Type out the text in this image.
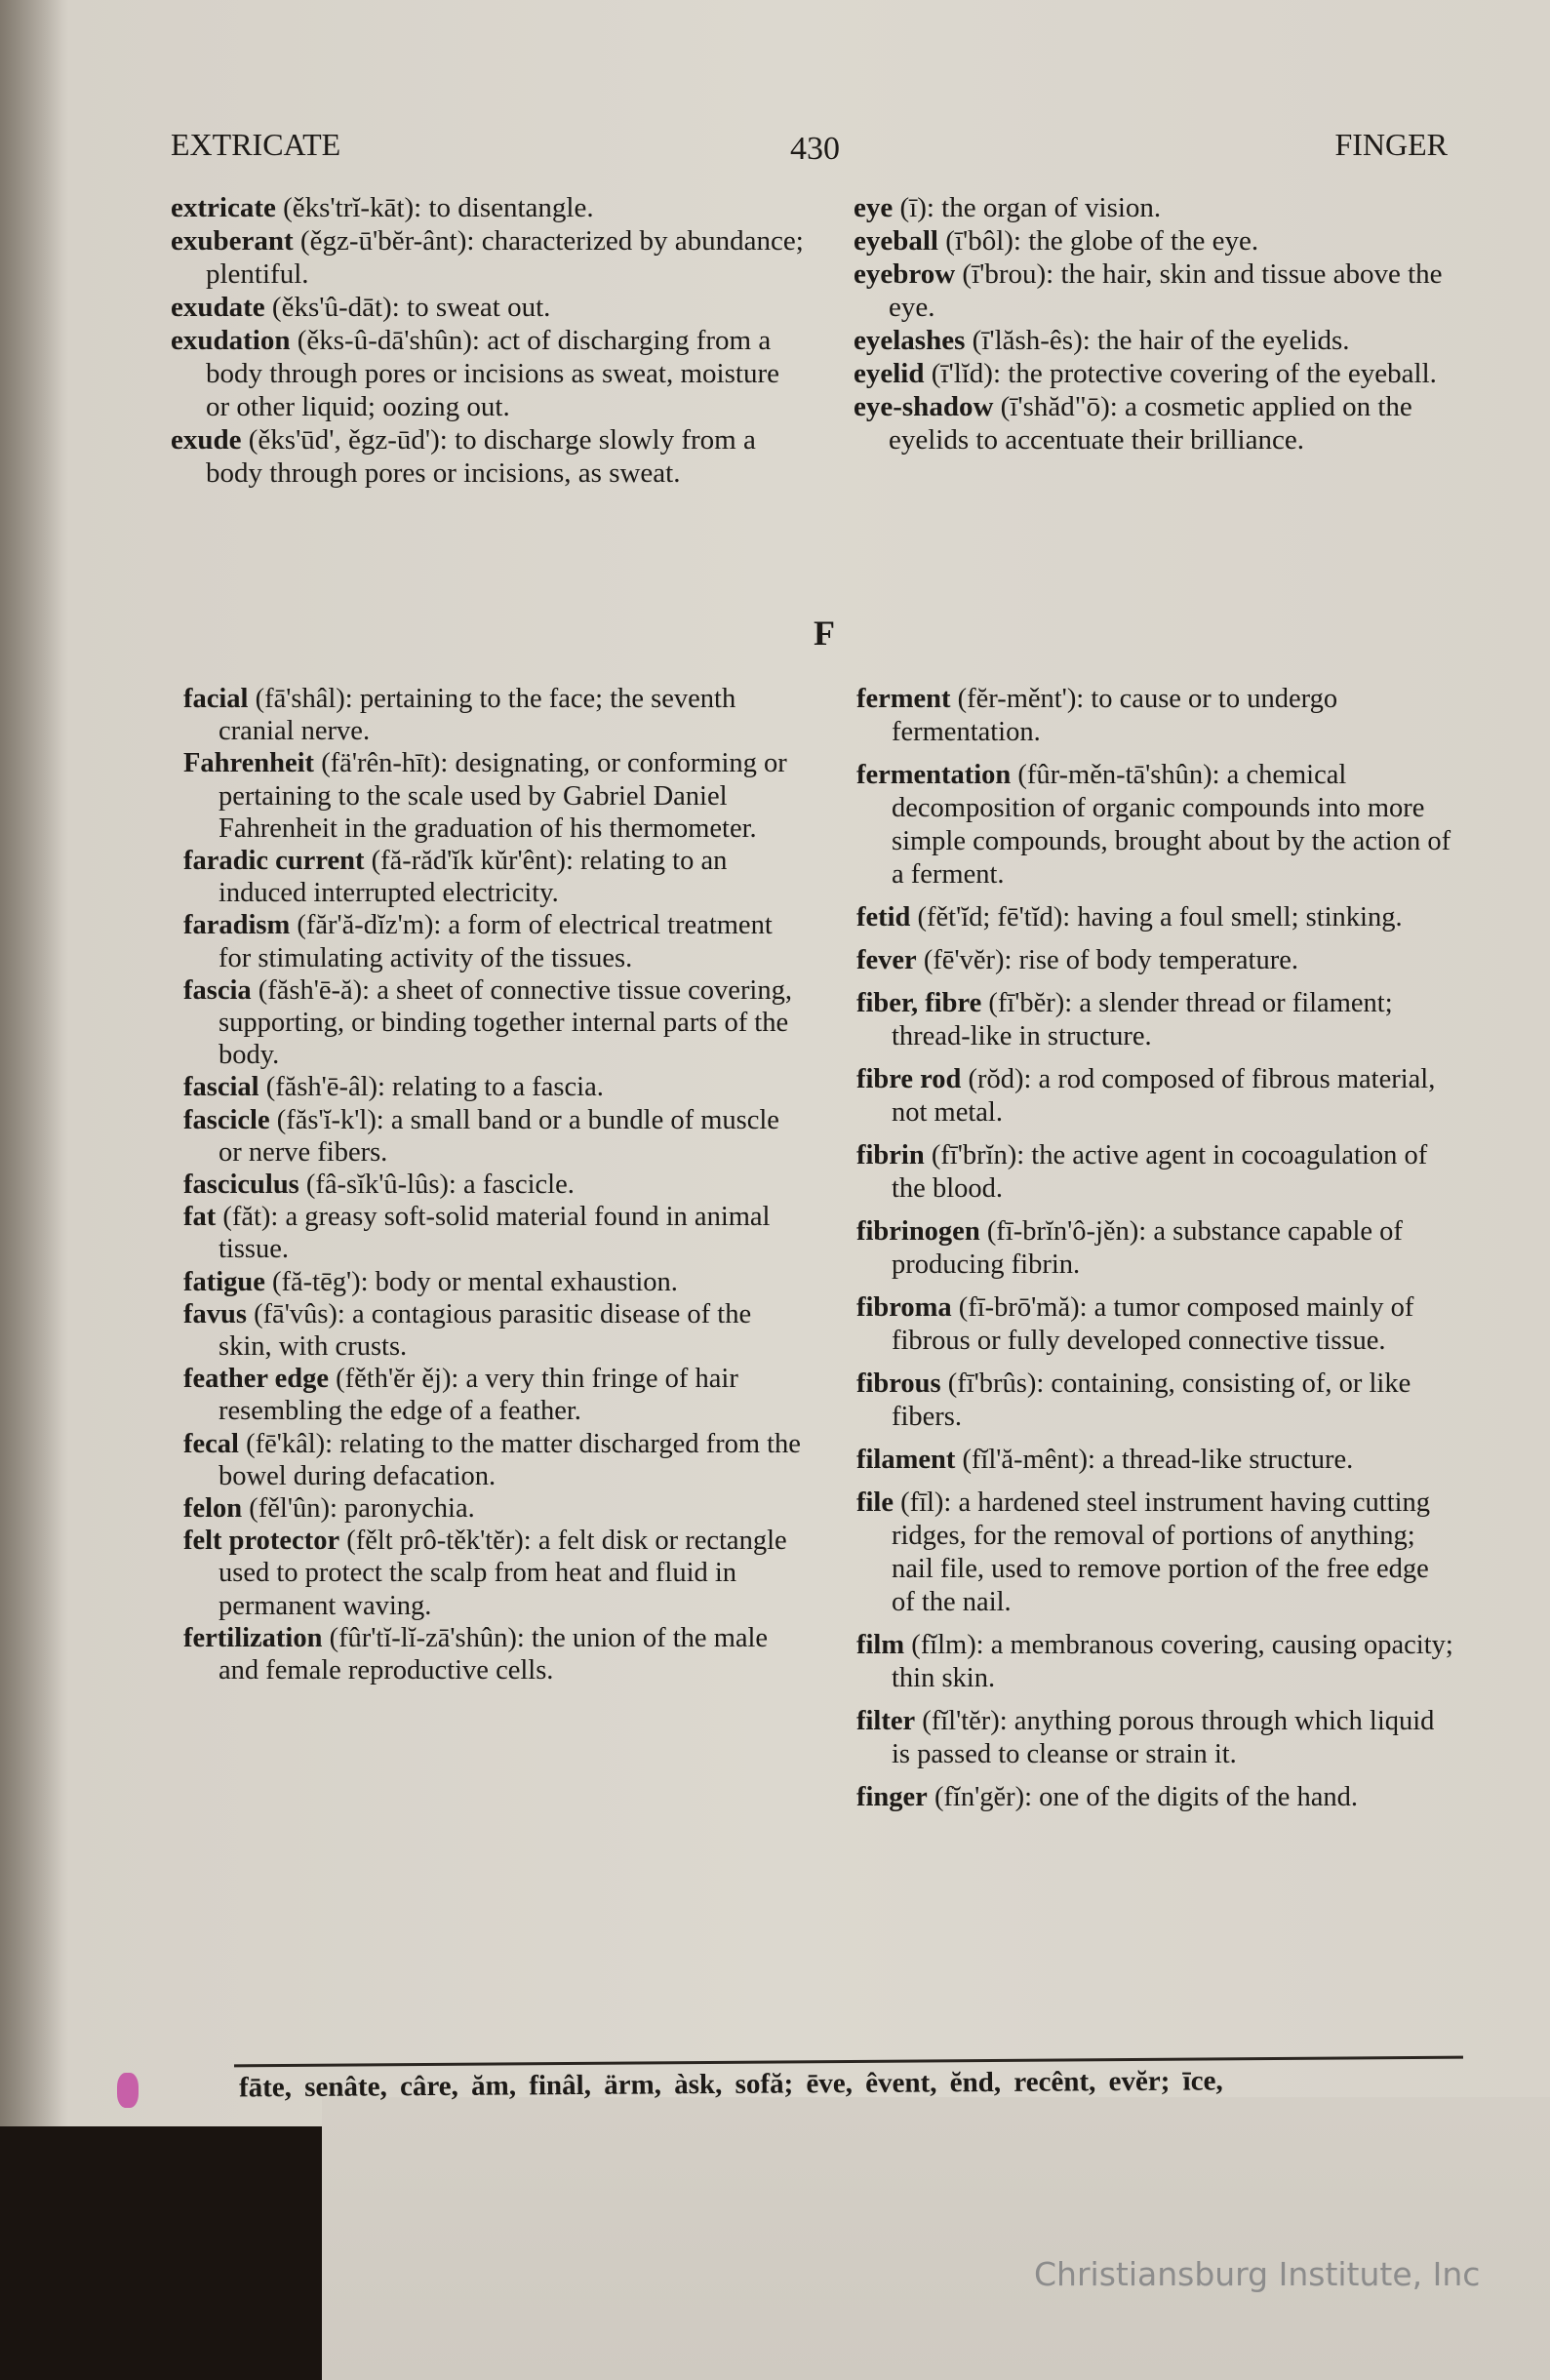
EXTRICATE	430	FINGER
extricate (ěks'trĭ-kāt): to disentangle.
exuberant (ěgz-ū'bĕr-ânt): characterized by abundance; plentiful.
exudate (ěks'û-dāt): to sweat out.
exudation (ěks-û-dā'shûn): act of discharging from a body through pores or incisions as sweat, moisture or other liquid; oozing out.
exude (ěks'ūd', ěgz-ūd'): to discharge slowly from a body through pores or incisions, as sweat.
eye (ī): the organ of vision.
eyeball (ī'bôl): the globe of the eye.
eyebrow (ī'brou): the hair, skin and tissue above the eye.
eyelashes (ī'lăsh-ês): the hair of the eyelids.
eyelid (ī'lĭd): the protective covering of the eyeball.
eye-shadow (ī'shăd"ō): a cosmetic applied on the eyelids to accentuate their brilliance.
F
facial (fā'shâl): pertaining to the face; the seventh cranial nerve.
Fahrenheit (fä'rên-hīt): designating, or conforming or pertaining to the scale used by Gabriel Daniel Fahrenheit in the graduation of his thermometer.
faradic current (fă-răd'ĭk kŭr'ênt): relating to an induced interrupted electricity.
faradism (făr'ă-dĭz'm): a form of electrical treatment for stimulating activity of the tissues.
fascia (făsh'ē-ă): a sheet of connective tissue covering, supporting, or binding together internal parts of the body.
fascial (făsh'ē-âl): relating to a fascia.
fascicle (făs'ĭ-k'l): a small band or a bundle of muscle or nerve fibers.
fasciculus (fâ-sĭk'û-lûs): a fascicle.
fat (făt): a greasy soft-solid material found in animal tissue.
fatigue (fă-tēg'): body or mental exhaustion.
favus (fā'vûs): a contagious parasitic disease of the skin, with crusts.
feather edge (fěth'ĕr ěj): a very thin fringe of hair resembling the edge of a feather.
fecal (fē'kâl): relating to the matter discharged from the bowel during defacation.
felon (fěl'ûn): paronychia.
felt protector (fělt prô-těk'tĕr): a felt disk or rectangle used to protect the scalp from heat and fluid in permanent waving.
fertilization (fûr'tĭ-lĭ-zā'shûn): the union of the male and female reproductive cells.
ferment (fĕr-měnt'): to cause or to undergo fermentation.
fermentation (fûr-měn-tā'shûn): a chemical decomposition of organic compounds into more simple compounds, brought about by the action of a ferment.
fetid (fět'ĭd; fē'tĭd): having a foul smell; stinking.
fever (fē'vĕr): rise of body temperature.
fiber, fibre (fī'bĕr): a slender thread or filament; thread-like in structure.
fibre rod (rŏd): a rod composed of fibrous material, not metal.
fibrin (fī'brĭn): the active agent in cocoagulation of the blood.
fibrinogen (fī-brĭn'ô-jěn): a substance capable of producing fibrin.
fibroma (fī-brō'mă): a tumor composed mainly of fibrous or fully developed connective tissue.
fibrous (fī'brûs): containing, consisting of, or like fibers.
filament (fĭl'ă-mênt): a thread-like structure.
file (fīl): a hardened steel instrument having cutting ridges, for the removal of portions of anything; nail file, used to remove portion of the free edge of the nail.
film (fĭlm): a membranous covering, causing opacity; thin skin.
filter (fĭl'tĕr): anything porous through which liquid is passed to cleanse or strain it.
finger (fĭn'gĕr): one of the digits of the hand.
fāte, senâte, câre, ăm, finâl, ärm, àsk, sofă; ēve, êvent, ĕnd, recênt, evĕr; īce,
Christiansburg Institute, Inc
